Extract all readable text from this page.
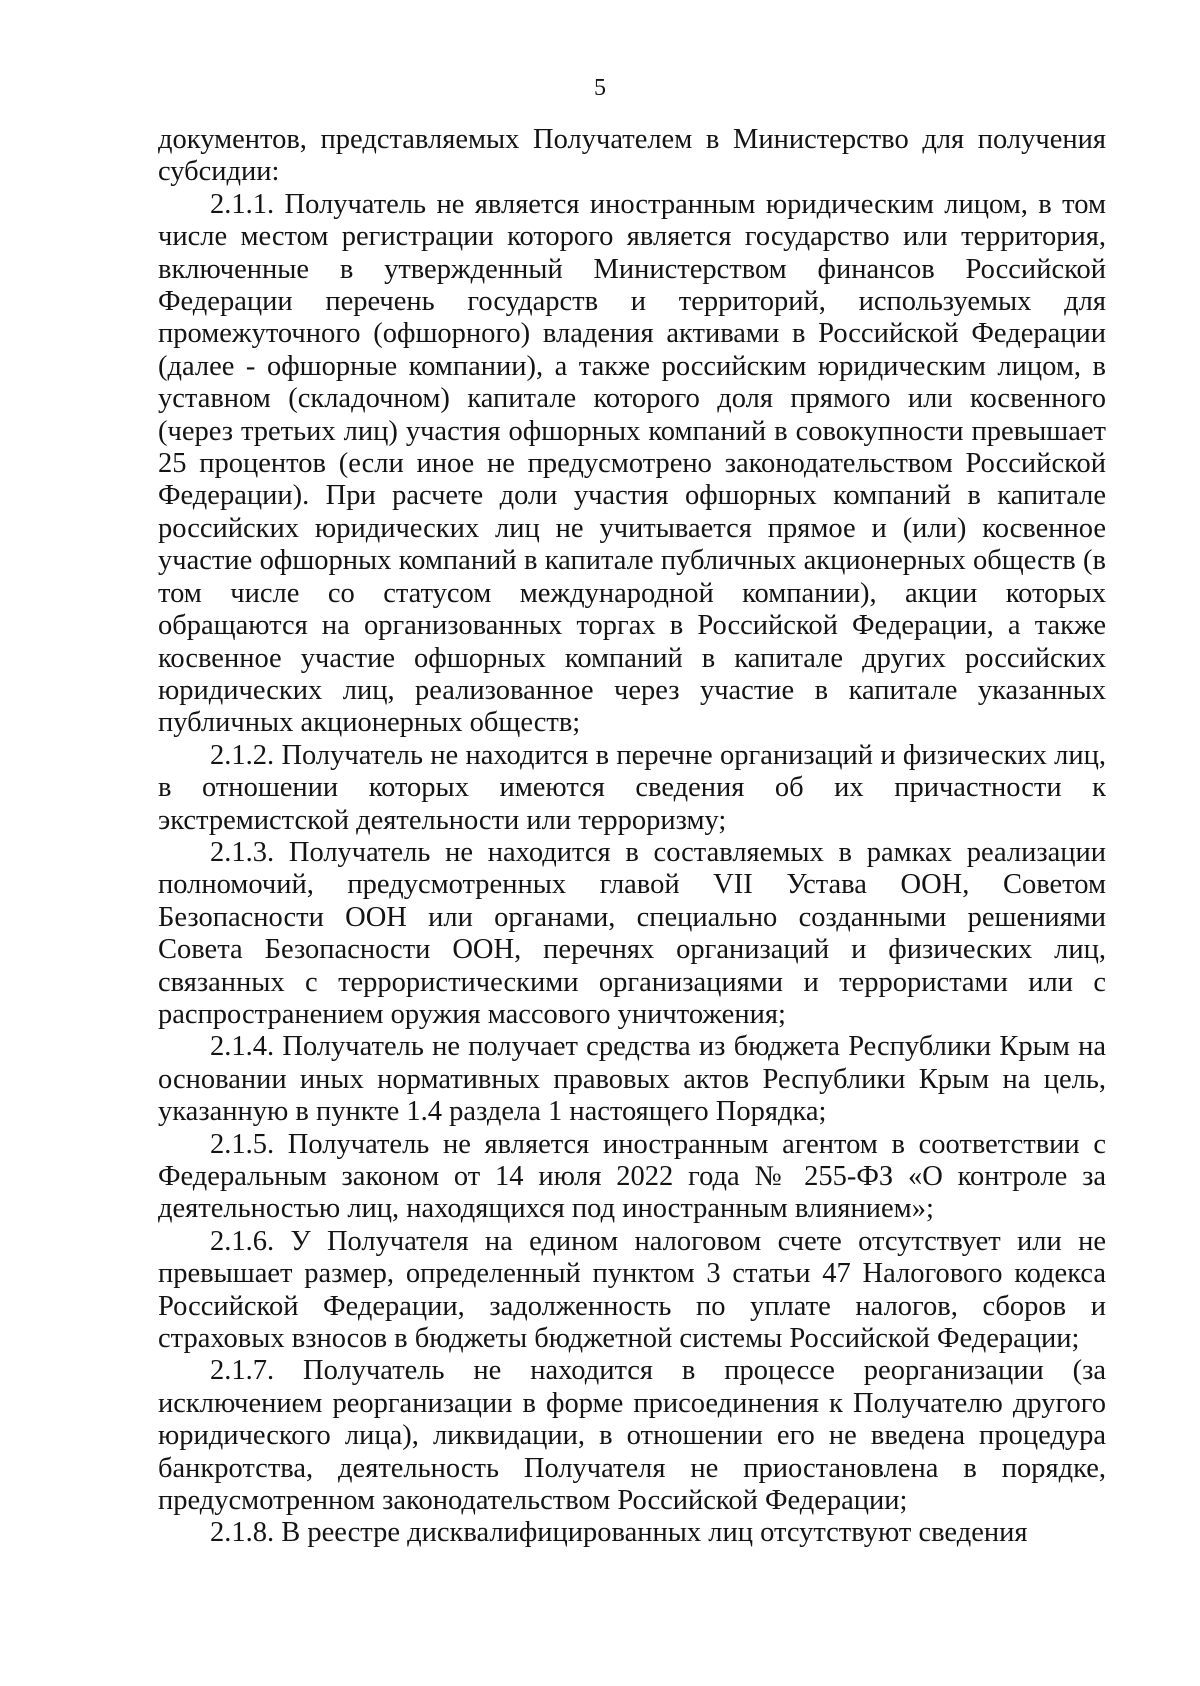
5

документов, представляемых Получателем в Министерство для получения субсидии:

2.1.1. Получатель не является иностранным юридическим лицом, в том числе местом регистрации которого является государство или территория, включенные в утвержденный Министерством финансов Российской Федерации перечень государств и территорий, используемых для промежуточного (офшорного) владения активами в Российской Федерации (далее - офшорные компании), а также российским юридическим лицом, в уставном (складочном) капитале которого доля прямого или косвенного (через третьих лиц) участия офшорных компаний в совокупности превышает 25 процентов (если иное не предусмотрено законодательством Российской Федерации). При расчете доли участия офшорных компаний в капитале российских юридических лиц не учитывается прямое и (или) косвенное участие офшорных компаний в капитале публичных акционерных обществ (в том числе со статусом международной компании), акции которых обращаются на организованных торгах в Российской Федерации, а также косвенное участие офшорных компаний в капитале других российских юридических лиц, реализованное через участие в капитале указанных публичных акционерных обществ;

2.1.2. Получатель не находится в перечне организаций и физических лиц, в отношении которых имеются сведения об их причастности к экстремистской деятельности или терроризму;

2.1.3. Получатель не находится в составляемых в рамках реализации полномочий, предусмотренных главой VII Устава ООН, Советом Безопасности ООН или органами, специально созданными решениями Совета Безопасности ООН, перечнях организаций и физических лиц, связанных с террористическими организациями и террористами или с распространением оружия массового уничтожения;

2.1.4. Получатель не получает средства из бюджета Республики Крым на основании иных нормативных правовых актов Республики Крым на цель, указанную в пункте 1.4 раздела 1 настоящего Порядка;

2.1.5. Получатель не является иностранным агентом в соответствии с Федеральным законом от 14 июля 2022 года № 255-ФЗ «О контроле за деятельностью лиц, находящихся под иностранным влиянием»;

2.1.6. У Получателя на едином налоговом счете отсутствует или не превышает размер, определенный пунктом 3 статьи 47 Налогового кодекса Российской Федерации, задолженность по уплате налогов, сборов и страховых взносов в бюджеты бюджетной системы Российской Федерации;

2.1.7. Получатель не находится в процессе реорганизации (за исключением реорганизации в форме присоединения к Получателю другого юридического лица), ликвидации, в отношении его не введена процедура банкротства, деятельность Получателя не приостановлена в порядке, предусмотренном законодательством Российской Федерации;

2.1.8. В реестре дисквалифицированных лиц отсутствуют сведения
